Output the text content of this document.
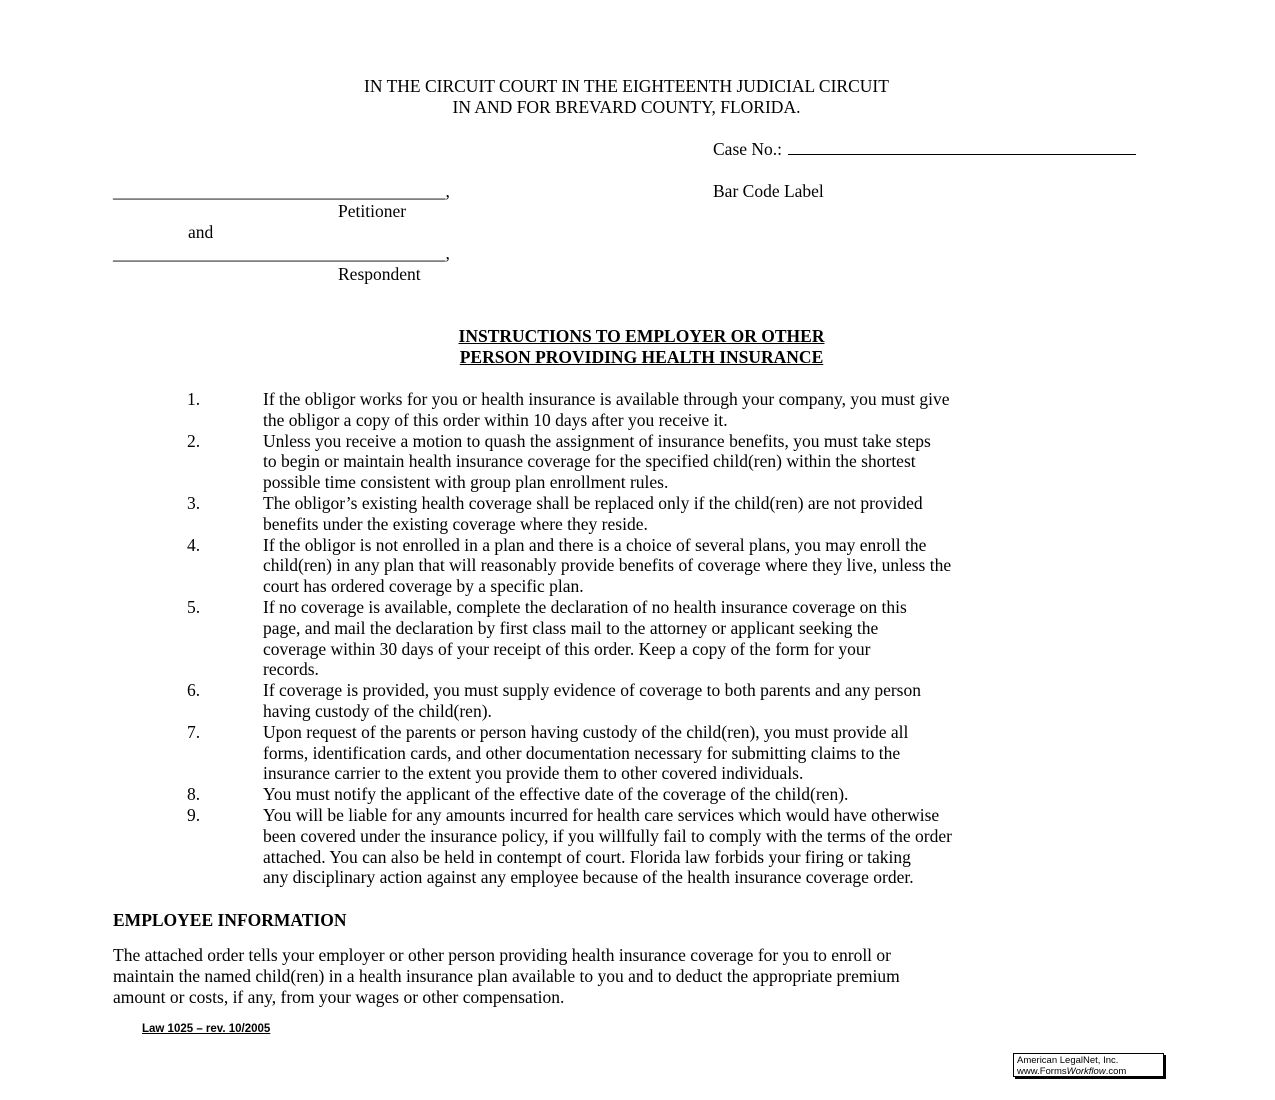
IN THE CIRCUIT COURT IN THE EIGHTEENTH JUDICIAL CIRCUIT
IN AND FOR BREVARD COUNTY, FLORIDA.
Case No.:
Bar Code Label
______________________________________,
Petitioner
and
______________________________________,
Respondent
INSTRUCTIONS TO EMPLOYER OR OTHER
PERSON PROVIDING HEALTH INSURANCE
1.	If the obligor works for you or health insurance is available through your company, you must give
the obligor a copy of this order within 10 days after you receive it.
2.	Unless you receive a motion to quash the assignment of insurance benefits, you must take steps
to begin or maintain health insurance coverage for the specified child(ren) within the shortest
possible time consistent with group plan enrollment rules.
3.	The obligor’s existing health coverage shall be replaced only if the child(ren) are not provided
benefits under the existing coverage where they reside.
4.	If the obligor is not enrolled in a plan and there is a choice of several plans, you may enroll the
child(ren) in any plan that will reasonably provide benefits of coverage where they live, unless the
court has ordered coverage by a specific plan.
5.	If no coverage is available, complete the declaration of no health insurance coverage on this
page, and mail the declaration by first class mail to the attorney or applicant seeking the
coverage within 30 days of your receipt of this order. Keep a copy of the form for your
records.
6.	If coverage is provided, you must supply evidence of coverage to both parents and any person
having custody of the child(ren).
7.	Upon request of the parents or person having custody of the child(ren), you must provide all
forms, identification cards, and other documentation necessary for submitting claims to the
insurance carrier to the extent you provide them to other covered individuals.
8.	You must notify the applicant of the effective date of the coverage of the child(ren).
9.	You will be liable for any amounts incurred for health care services which would have otherwise
been covered under the insurance policy, if you willfully fail to comply with the terms of the order
attached. You can also be held in contempt of court. Florida law forbids your firing or taking
any disciplinary action against any employee because of the health insurance coverage order.
EMPLOYEE INFORMATION
The attached order tells your employer or other person providing health insurance coverage for you to enroll or
maintain the named child(ren) in a health insurance plan available to you and to deduct the appropriate premium
amount or costs, if any, from your wages or other compensation.
Law 1025 – rev. 10/2005
American LegalNet, Inc.
www.FormsWorkflow.com
